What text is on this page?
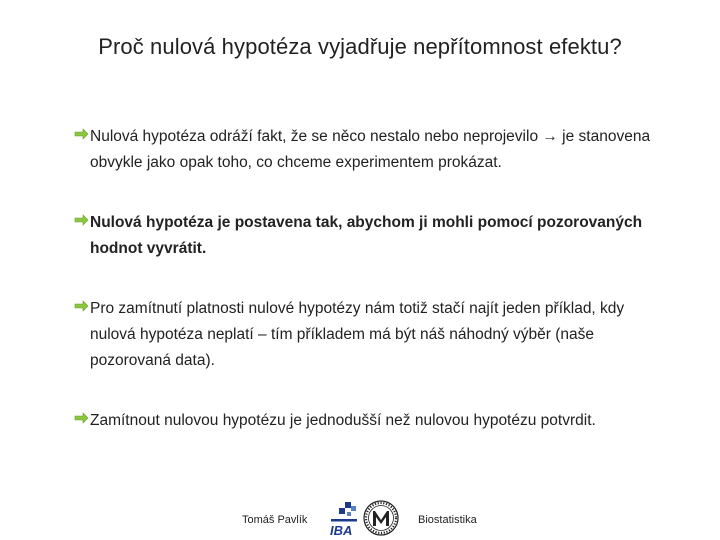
Proč nulová hypotéza vyjadřuje nepřítomnost efektu?
Nulová hypotéza odráží fakt, že se něco nestalo nebo neprojevilo → je stanovena obvykle jako opak toho, co chceme experimentem prokázat.
Nulová hypotéza je postavena tak, abychom ji mohli pomocí pozorovaných hodnot vyvrátit.
Pro zamítnutí platnosti nulové hypotézy nám totiž stačí najít jeden příklad, kdy nulová hypotéza neplatí – tím příkladem má být náš náhodný výběr (naše pozorovaná data).
Zamítnout nulovou hypotézu je jednodušší než nulovou hypotézu potvrdit.
Tomáš Pavlík
IBA
Biostatistika
